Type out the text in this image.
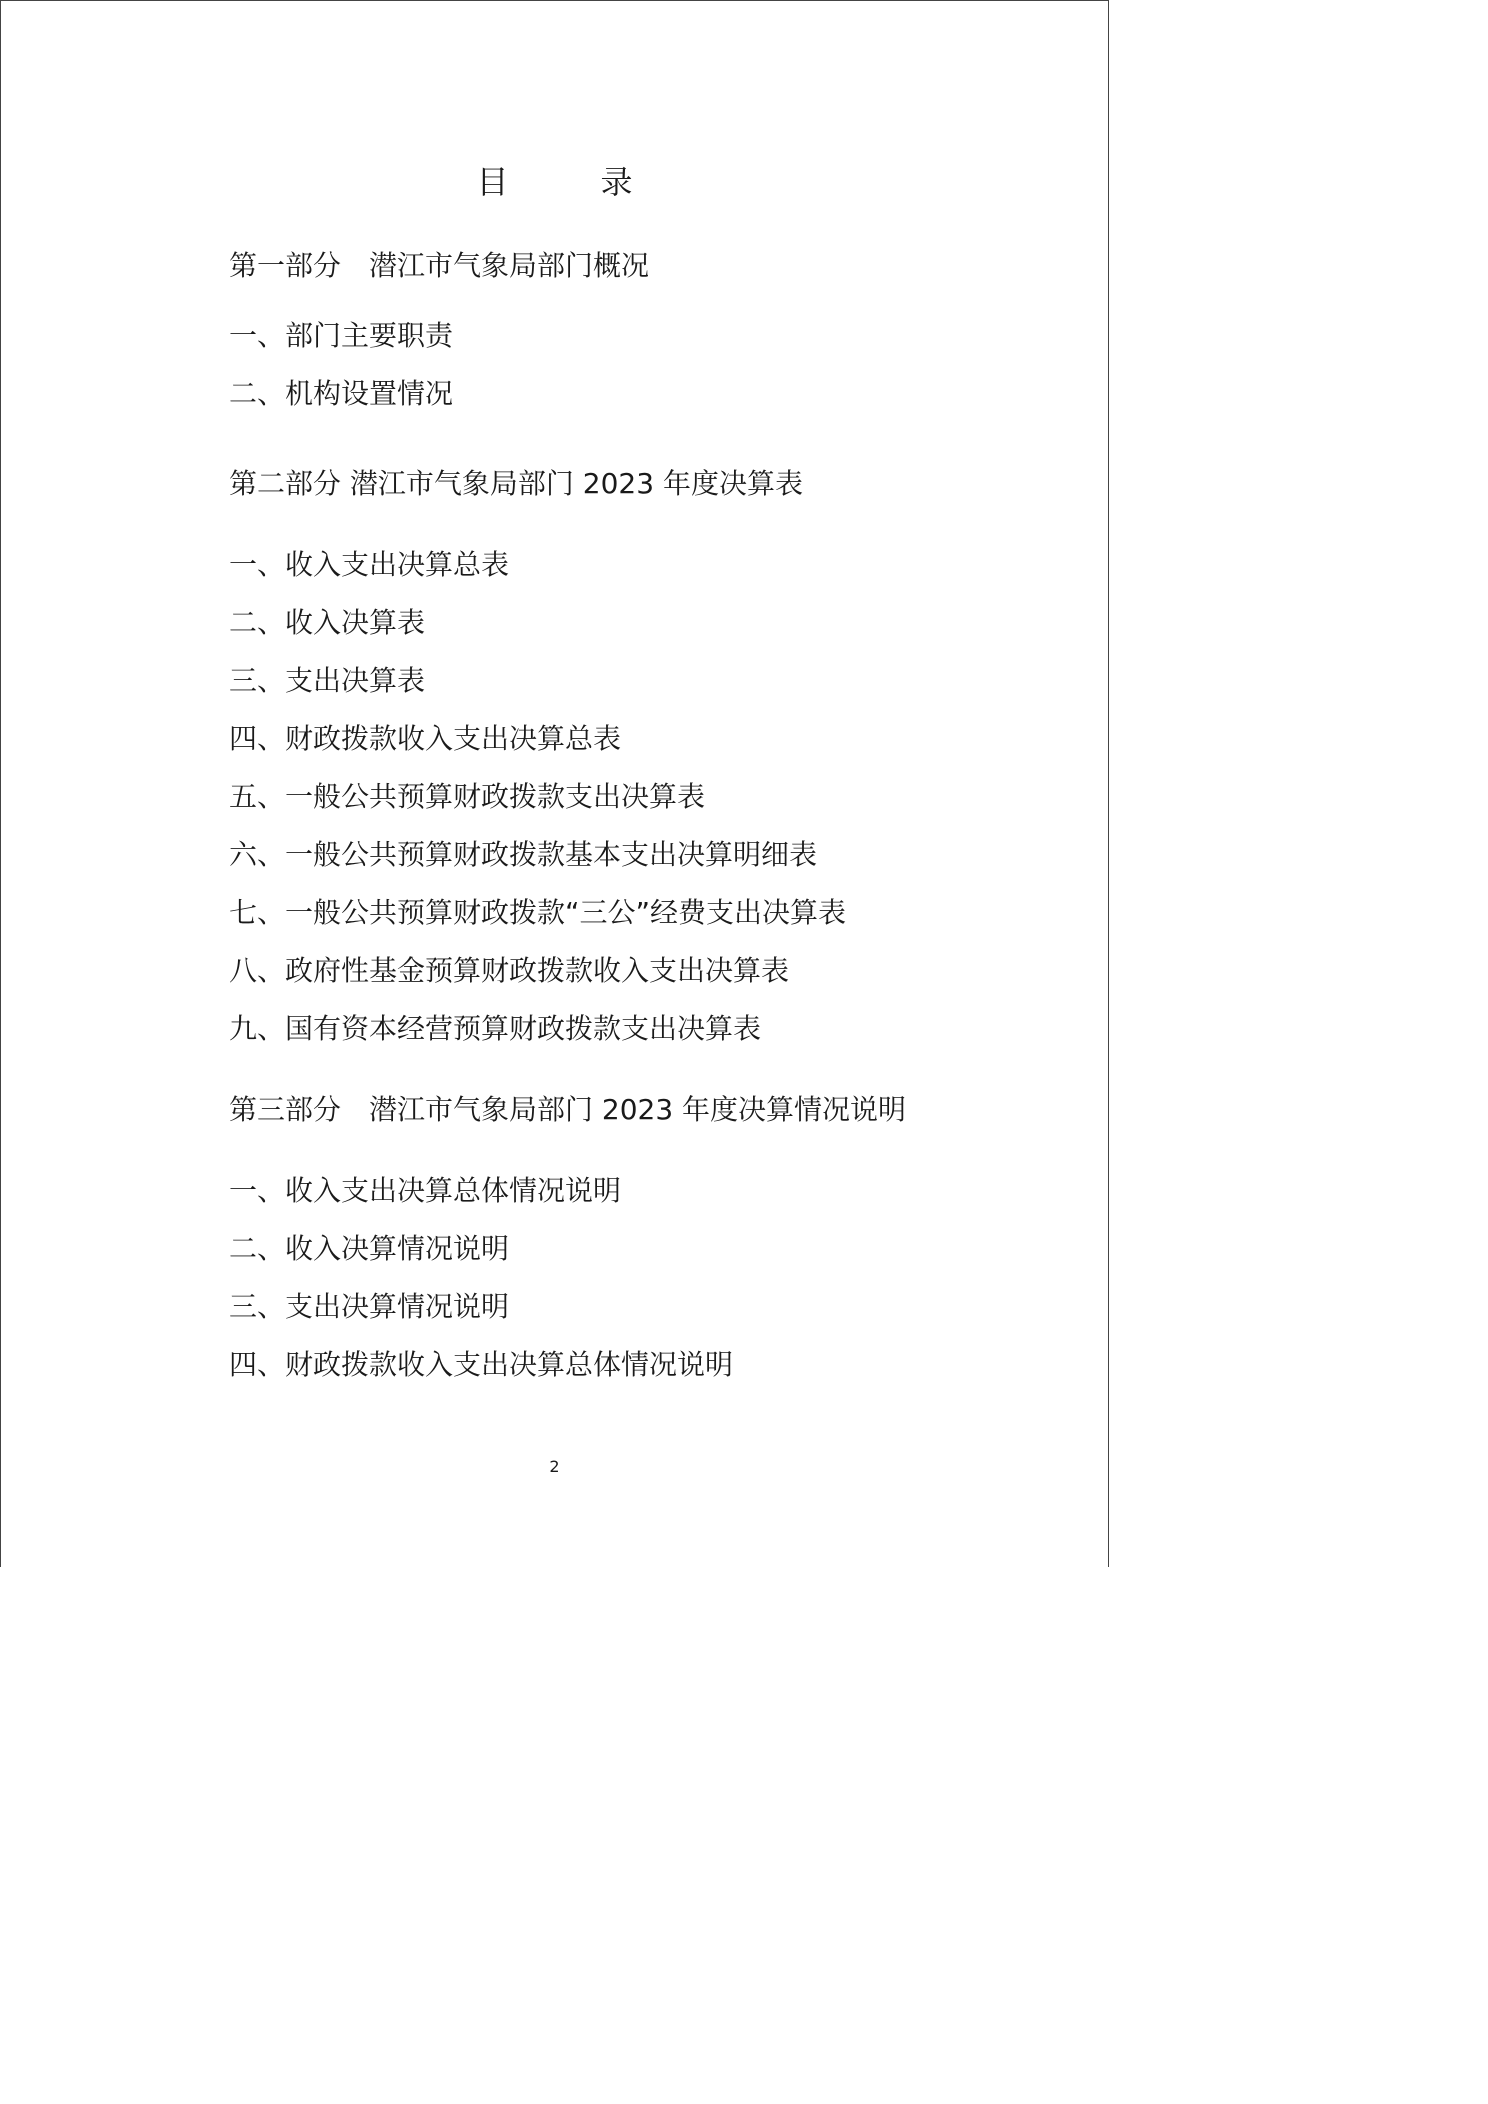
目　录
第一部分　潜江市气象局部门概况
一、部门主要职责
二、机构设置情况
第二部分 潜江市气象局部门 2023 年度决算表
一、收入支出决算总表
二、收入决算表
三、支出决算表
四、财政拨款收入支出决算总表
五、一般公共预算财政拨款支出决算表
六、一般公共预算财政拨款基本支出决算明细表
七、一般公共预算财政拨款“三公”经费支出决算表
八、政府性基金预算财政拨款收入支出决算表
九、国有资本经营预算财政拨款支出决算表
第三部分　潜江市气象局部门 2023 年度决算情况说明
一、收入支出决算总体情况说明
二、收入决算情况说明
三、支出决算情况说明
四、财政拨款收入支出决算总体情况说明
2
